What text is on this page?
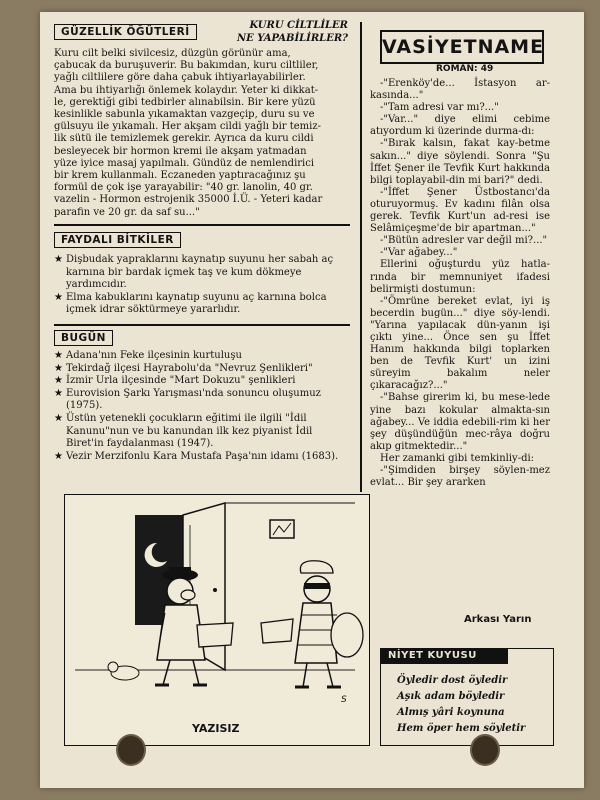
GÜZELLİK ÖĞÜTLERİ
KURU CİLTLİLER
NE YAPABİLİRLER?
Kuru cilt belki sivilcesiz, düzgün görünür ama,
çabucak da buruşuverir. Bu bakımdan, kuru ciltliler,
yağlı ciltlilere göre daha çabuk ihtiyarlayabilirler.
Ama bu ihtiyarlığı önlemek kolaydır. Yeter ki dikkat-
le, gerektiği gibi tedbirler alınabilsin. Bir kere yüzü
kesinlikle sabunla yıkamaktan vazgeçip, duru su ve
gülsuyu ile yıkamalı. Her akşam cildi yağlı bir temiz-
lik sütü ile temizlemek gerekir. Ayrıca da kuru cildi
besleyecek bir hormon kremi ile akşam yatmadan
yüze iyice masaj yapılmalı. Gündüz de nemlendirici
bir krem kullanmalı. Eczaneden yaptıracağınız şu
formül de çok işe yarayabilir: "40 gr. lanolin, 40 gr.
vazelin - Hormon estrojenik 35000 İ.Ü. - Yeteri kadar
parafin ve 20 gr. da saf su..."
FAYDALI BİTKİLER
★ Dişbudak yapraklarını kaynatıp suyunu her sabah aç karnına bir bardak içmek taş ve kum dökmeye yardımcıdır.
★ Elma kabuklarını kaynatıp suyunu aç karnına bolca içmek idrar söktürmeye yararlıdır.
BUGÜN
★ Adana'nın Feke ilçesinin kurtuluşu
★ Tekirdağ ilçesi Hayrabolu'da "Nevruz Şenlikleri"
★ İzmir Urla ilçesinde "Mart Dokuzu" şenlikleri
★ Eurovision Şarkı Yarışması'nda sonuncu oluşumuz (1975).
★ Üstün yetenekli çocukların eğitimi ile ilgili "İdil Kanunu"nun ve bu kanundan ilk kez piyanist İdil Biret'in faydalanması (1947).
★ Vezir Merzifonlu Kara Mustafa Paşa'nın idamı (1683).
S
YAZISIZ
VASİYETNAME
ROMAN: 49

-"Erenköy'de... İstasyon ar-kasında..."

-"Tam adresi var mı?..."

-"Var..." diye elimi cebime atıyordum ki üzerinde durma-dı:

-"Bırak kalsın, fakat kay-betme sakın..." diye söylendi. Sonra "Şu İffet Şener ile Tevfik Kurt hakkında bilgi toplayabil-din mi bari?" dedi.

-"İffet Şener Üstbostancı'da oturuyormuş. Ev kadını filân olsa gerek. Tevfik Kurt'un ad-resi ise Selâmiçeşme'de bir apartman..."

-"Bütün adresler var değil mi?..."

-"Var ağabey..."

Ellerini oğuşturdu yüz hatla-rında bir memnuniyet ifadesi belirmişti dostumun:

-"Ömrüne bereket evlat, iyi iş becerdin bugün..." diye söy-lendi. "Yarına yapılacak dün-yanın işi çıktı yine... Önce sen şu İffet Hanım hakkında bilgi toplarken ben de Tevfik Kurt' un izini süreyim bakalım neler çıkaracağız?..."

-"Bahse girerim ki, bu mese-lede yine bazı kokular almakta-sın ağabey... Ve iddia edebili-rim ki her şey düşündüğün mec-râya doğru akıp gitmektedir..."

Her zamanki gibi temkinliy-di:

-"Şimdiden birşey söylen-mez evlat... Bir şey ararken

Arkası Yarın
NİYET KUYUSU
Öyledir dost öyledir
Aşık adam böyledir
Almış yâri koynuna
Hem öper hem söyletir
